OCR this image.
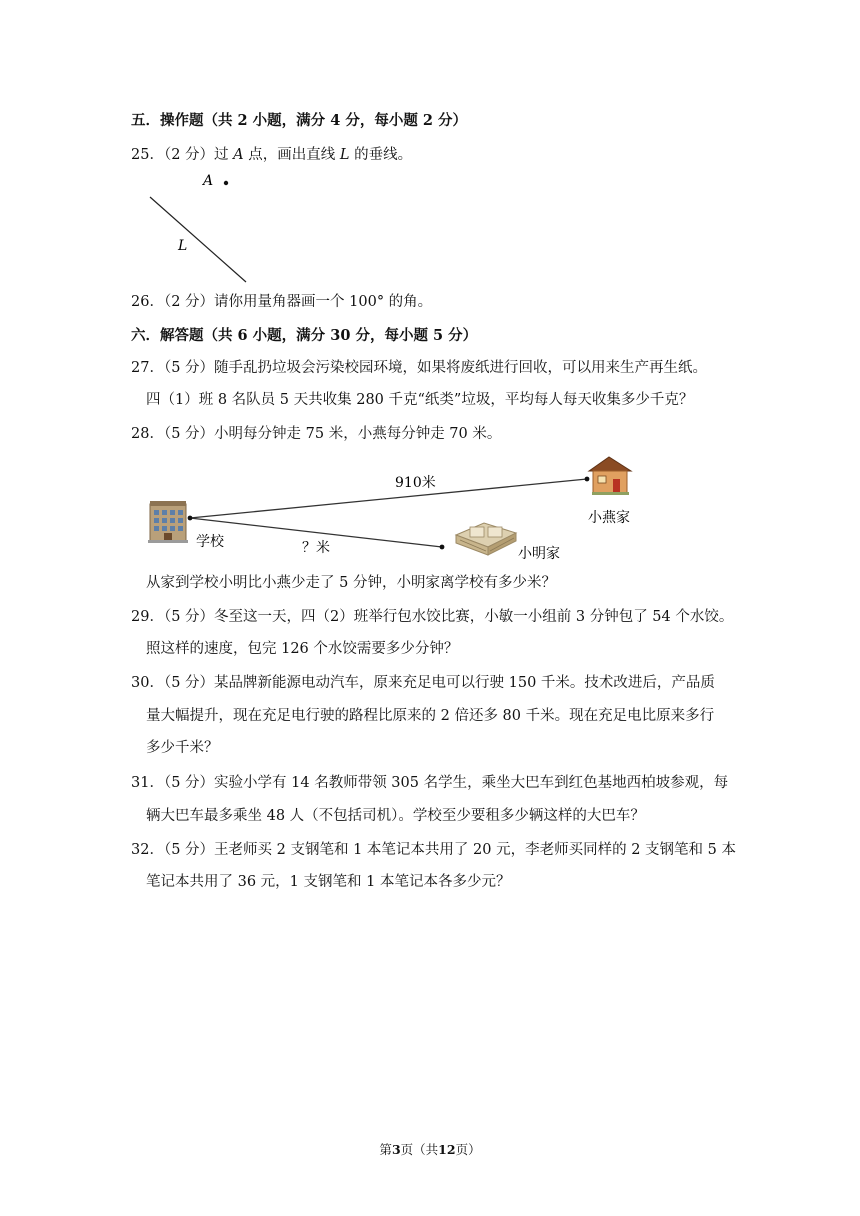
五．操作题（共 2 小题，满分 4 分，每小题 2 分）
25．（2 分）过 A 点，画出直线 L 的垂线。
A
L
26．（2 分）请你用量角器画一个 100° 的角。
六．解答题（共 6 小题，满分 30 分，每小题 5 分）
27．（5 分）随手乱扔垃圾会污染校园环境，如果将废纸进行回收，可以用来生产再生纸。
四（1）班 8 名队员 5 天共收集 280 千克“纸类”垃圾，平均每人每天收集多少千克？
28．（5 分）小明每分钟走 75 米，小燕每分钟走 70 米。
910米
？米
学校
小燕家
小明家
从家到学校小明比小燕少走了 5 分钟，小明家离学校有多少米？
29．（5 分）冬至这一天，四（2）班举行包水饺比赛，小敏一小组前 3 分钟包了 54 个水饺。
照这样的速度，包完 126 个水饺需要多少分钟？
30．（5 分）某品牌新能源电动汽车，原来充足电可以行驶 150 千米。技术改进后，产品质
量大幅提升，现在充足电行驶的路程比原来的 2 倍还多 80 千米。现在充足电比原来多行
多少千米？
31．（5 分）实验小学有 14 名教师带领 305 名学生，乘坐大巴车到红色基地西柏坡参观，每
辆大巴车最多乘坐 48 人（不包括司机）。学校至少要租多少辆这样的大巴车？
32．（5 分）王老师买 2 支钢笔和 1 本笔记本共用了 20 元，李老师买同样的 2 支钢笔和 5 本
笔记本共用了 36 元，1 支钢笔和 1 本笔记本各多少元？
第3页（共12页）
